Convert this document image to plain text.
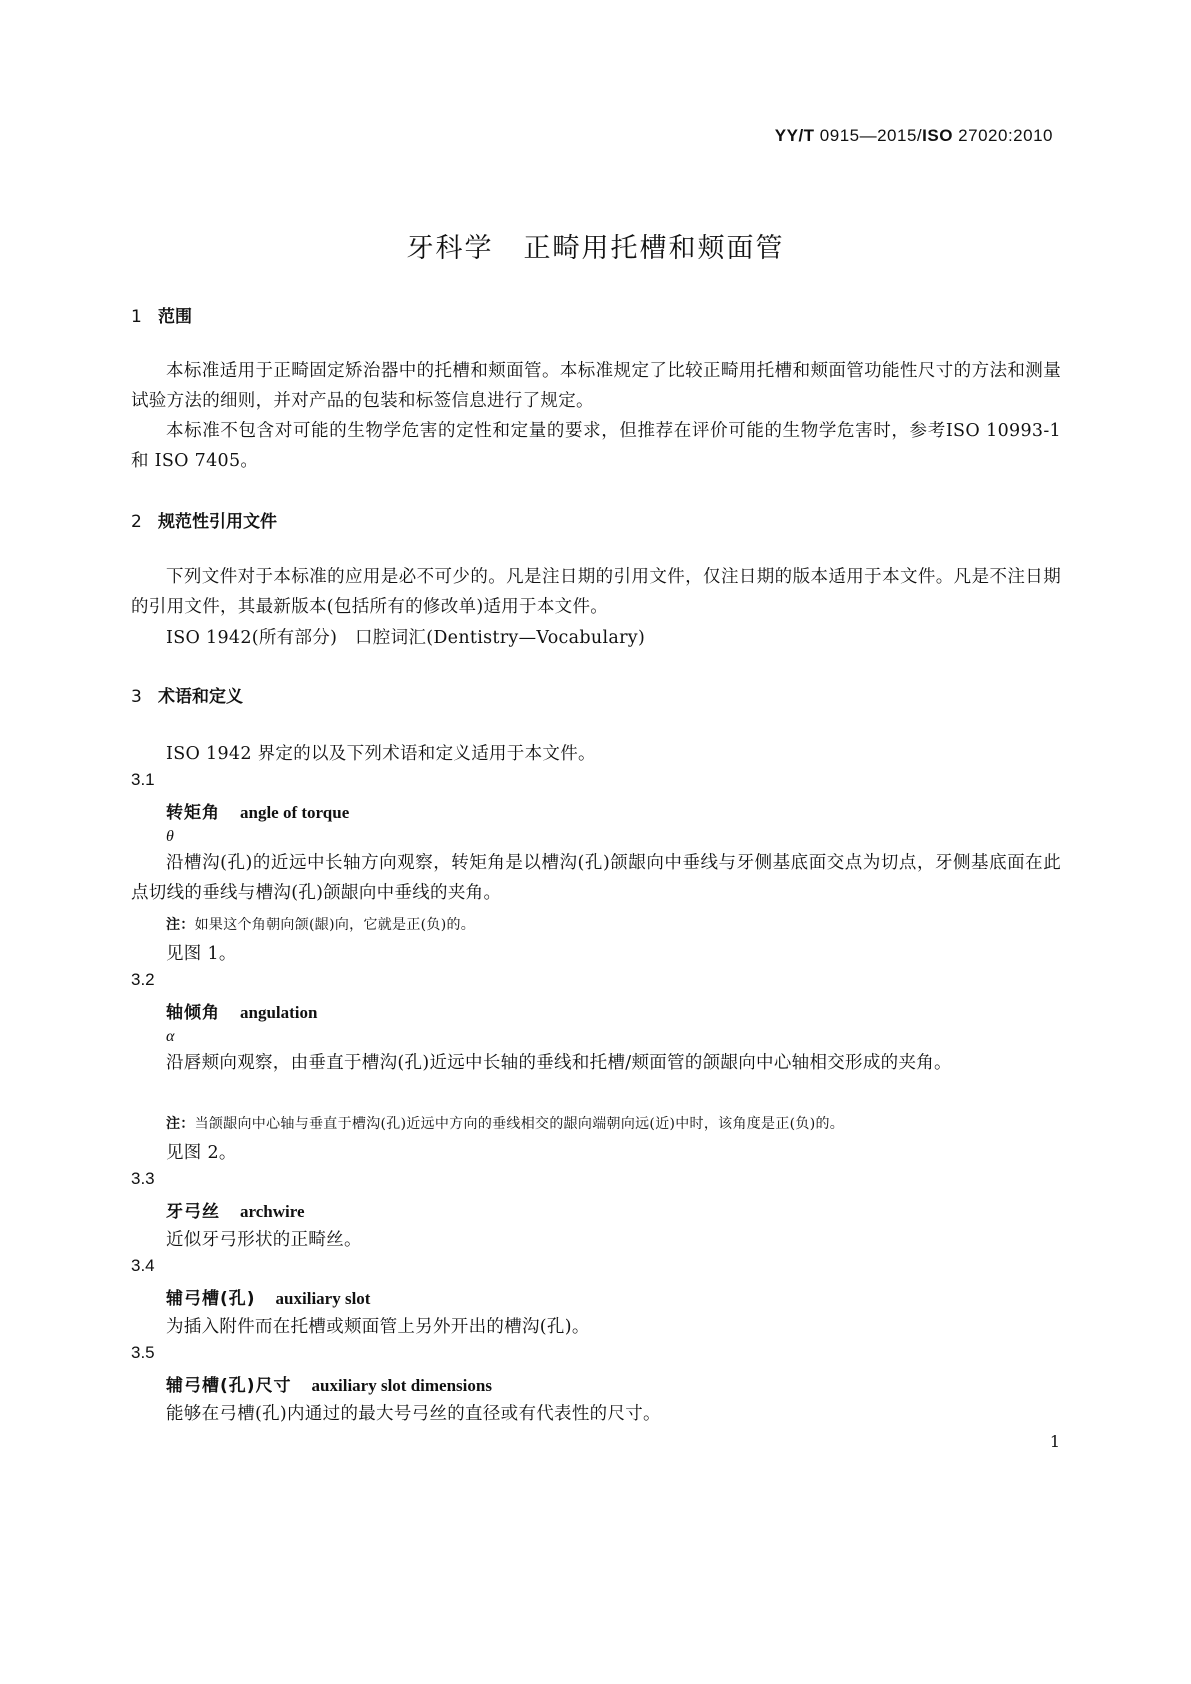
YY/T 0915—2015/ISO 27020:2010
牙科学 正畸用托槽和颊面管
1 范围
本标准适用于正畸固定矫治器中的托槽和颊面管。本标准规定了比较正畸用托槽和颊面管功能性尺寸的方法和测量试验方法的细则，并对产品的包装和标签信息进行了规定。
本标准不包含对可能的生物学危害的定性和定量的要求，但推荐在评价可能的生物学危害时，参考ISO 10993-1 和 ISO 7405。
2 规范性引用文件
下列文件对于本标准的应用是必不可少的。凡是注日期的引用文件，仅注日期的版本适用于本文件。凡是不注日期的引用文件，其最新版本(包括所有的修改单)适用于本文件。
ISO 1942(所有部分)　口腔词汇(Dentistry—Vocabulary)
3 术语和定义
ISO 1942 界定的以及下列术语和定义适用于本文件。
3.1
转矩角 angle of torque
θ
沿槽沟(孔)的近远中长轴方向观察，转矩角是以槽沟(孔)颌龈向中垂线与牙侧基底面交点为切点，牙侧基底面在此点切线的垂线与槽沟(孔)颌龈向中垂线的夹角。
注：如果这个角朝向颌(龈)向，它就是正(负)的。
见图 1。
3.2
轴倾角 angulation
α
沿唇颊向观察，由垂直于槽沟(孔)近远中长轴的垂线和托槽/颊面管的颌龈向中心轴相交形成的夹角。
注：当颌龈向中心轴与垂直于槽沟(孔)近远中方向的垂线相交的龈向端朝向远(近)中时，该角度是正(负)的。
见图 2。
3.3
牙弓丝 archwire
近似牙弓形状的正畸丝。
3.4
辅弓槽(孔) auxiliary slot
为插入附件而在托槽或颊面管上另外开出的槽沟(孔)。
3.5
辅弓槽(孔)尺寸 auxiliary slot dimensions
能够在弓槽(孔)内通过的最大号弓丝的直径或有代表性的尺寸。
1
